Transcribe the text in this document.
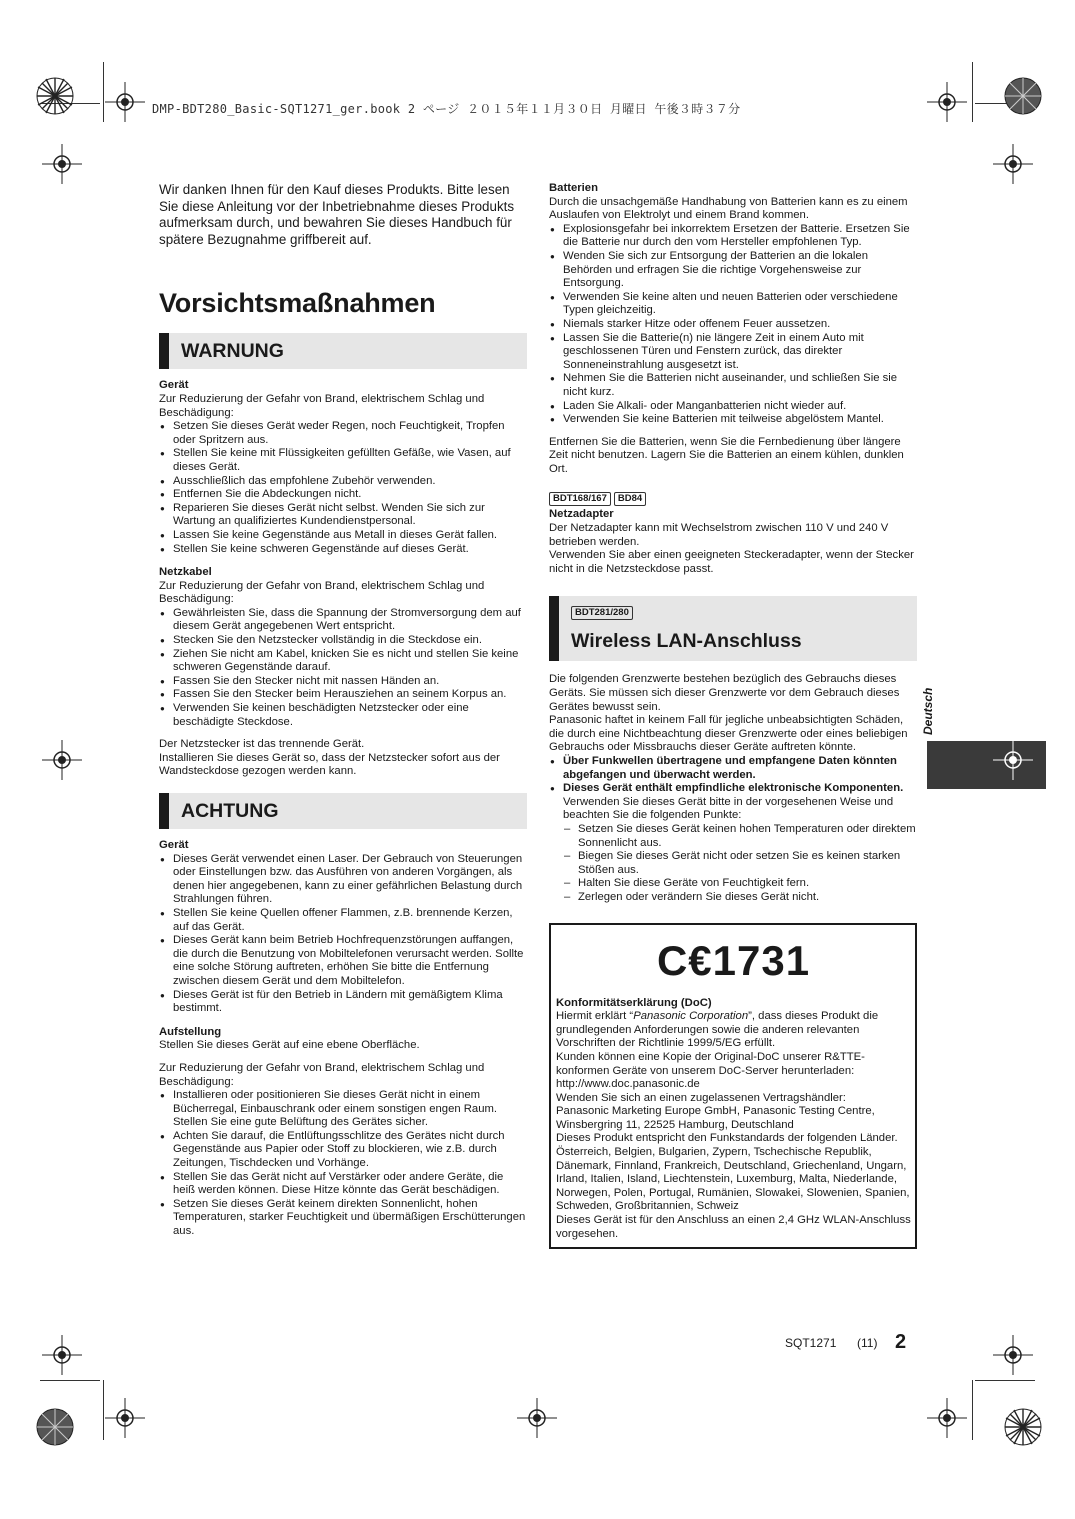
DMP-BDT280_Basic-SQT1271_ger.book 2 ページ ２０１５年１１月３０日 月曜日 午後３時３７分

Wir danken Ihnen für den Kauf dieses Produkts. Bitte lesen Sie diese Anleitung vor der Inbetriebnahme dieses Produkts aufmerksam durch, und bewahren Sie dieses Handbuch für spätere Bezugnahme griffbereit auf.

Vorsichtsmaßnahmen
WARNUNG
Gerät

Zur Reduzierung der Gefahr von Brand, elektrischem Schlag und Beschädigung:

● Setzen Sie dieses Gerät weder Regen, noch Feuchtigkeit, Tropfen oder Spritzern aus.
● Stellen Sie keine mit Flüssigkeiten gefüllten Gefäße, wie Vasen, auf dieses Gerät.
● Ausschließlich das empfohlene Zubehör verwenden.
● Entfernen Sie die Abdeckungen nicht.
● Reparieren Sie dieses Gerät nicht selbst. Wenden Sie sich zur Wartung an qualifiziertes Kundendienstpersonal.
● Lassen Sie keine Gegenstände aus Metall in dieses Gerät fallen.
● Stellen Sie keine schweren Gegenstände auf dieses Gerät.
Netzkabel

Zur Reduzierung der Gefahr von Brand, elektrischem Schlag und Beschädigung:

● Gewährleisten Sie, dass die Spannung der Stromversorgung dem auf diesem Gerät angegebenen Wert entspricht.
● Stecken Sie den Netzstecker vollständig in die Steckdose ein.
● Ziehen Sie nicht am Kabel, knicken Sie es nicht und stellen Sie keine schweren Gegenstände darauf.
● Fassen Sie den Stecker nicht mit nassen Händen an.
● Fassen Sie den Stecker beim Herausziehen an seinem Korpus an.
● Verwenden Sie keinen beschädigten Netzstecker oder eine beschädigte Steckdose.

Der Netzstecker ist das trennende Gerät.

Installieren Sie dieses Gerät so, dass der Netzstecker sofort aus der Wandsteckdose gezogen werden kann.

ACHTUNG
Gerät
● Dieses Gerät verwendet einen Laser. Der Gebrauch von Steuerungen oder Einstellungen bzw. das Ausführen von anderen Vorgängen, als denen hier angegebenen, kann zu einer gefährlichen Belastung durch Strahlungen führen.
● Stellen Sie keine Quellen offener Flammen, z.B. brennende Kerzen, auf das Gerät.
● Dieses Gerät kann beim Betrieb Hochfrequenzstörungen auffangen, die durch die Benutzung von Mobiltelefonen verursacht werden. Sollte eine solche Störung auftreten, erhöhen Sie bitte die Entfernung zwischen diesem Gerät und dem Mobiltelefon.
● Dieses Gerät ist für den Betrieb in Ländern mit gemäßigtem Klima bestimmt.
Aufstellung

Stellen Sie dieses Gerät auf eine ebene Oberfläche.

Zur Reduzierung der Gefahr von Brand, elektrischem Schlag und Beschädigung:

● Installieren oder positionieren Sie dieses Gerät nicht in einem Bücherregal, Einbauschrank oder einem sonstigen engen Raum. Stellen Sie eine gute Belüftung des Gerätes sicher.
● Achten Sie darauf, die Entlüftungsschlitze des Gerätes nicht durch Gegenstände aus Papier oder Stoff zu blockieren, wie z.B. durch Zeitungen, Tischdecken und Vorhänge.
● Stellen Sie das Gerät nicht auf Verstärker oder andere Geräte, die heiß werden können. Diese Hitze könnte das Gerät beschädigen.
● Setzen Sie dieses Gerät keinem direkten Sonnenlicht, hohen Temperaturen, starker Feuchtigkeit und übermäßigen Erschütterungen aus.
Batterien

Durch die unsachgemäße Handhabung von Batterien kann es zu einem Auslaufen von Elektrolyt und einem Brand kommen.

● Explosionsgefahr bei inkorrektem Ersetzen der Batterie. Ersetzen Sie die Batterie nur durch den vom Hersteller empfohlenen Typ.
● Wenden Sie sich zur Entsorgung der Batterien an die lokalen Behörden und erfragen Sie die richtige Vorgehensweise zur Entsorgung.
● Verwenden Sie keine alten und neuen Batterien oder verschiedene Typen gleichzeitig.
● Niemals starker Hitze oder offenem Feuer aussetzen.
● Lassen Sie die Batterie(n) nie längere Zeit in einem Auto mit geschlossenen Türen und Fenstern zurück, das direkter Sonneneinstrahlung ausgesetzt ist.
● Nehmen Sie die Batterien nicht auseinander, und schließen Sie sie nicht kurz.
● Laden Sie Alkali- oder Manganbatterien nicht wieder auf.
● Verwenden Sie keine Batterien mit teilweise abgelöstem Mantel.

Entfernen Sie die Batterien, wenn Sie die Fernbedienung über längere Zeit nicht benutzen. Lagern Sie die Batterien an einem kühlen, dunklen Ort.

BDT168/167 BD84
Netzadapter

Der Netzadapter kann mit Wechselstrom zwischen 110 V und 240 V betrieben werden.

Verwenden Sie aber einen geeigneten Steckeradapter, wenn der Stecker nicht in die Netzsteckdose passt.

BDT281/280
Wireless LAN-Anschluss

Die folgenden Grenzwerte bestehen bezüglich des Gebrauchs dieses Geräts. Sie müssen sich dieser Grenzwerte vor dem Gebrauch dieses Gerätes bewusst sein.

Panasonic haftet in keinem Fall für jegliche unbeabsichtigten Schäden, die durch eine Nichtbeachtung dieser Grenzwerte oder eines beliebigen Gebrauchs oder Missbrauchs dieser Geräte auftreten könnte.

● Über Funkwellen übertragene und empfangene Daten könnten abgefangen und überwacht werden.
● Dieses Gerät enthält empfindliche elektronische Komponenten.

Verwenden Sie dieses Gerät bitte in der vorgesehenen Weise und beachten Sie die folgenden Punkte:

– Setzen Sie dieses Gerät keinen hohen Temperaturen oder direktem Sonnenlicht aus.
– Biegen Sie dieses Gerät nicht oder setzen Sie es keinen starken Stößen aus.
– Halten Sie diese Geräte von Feuchtigkeit fern.
– Zerlegen oder verändern Sie dieses Gerät nicht.
C€1731
Konformitätserklärung (DoC)

Hiermit erklärt “Panasonic Corporation”, dass dieses Produkt die grundlegenden Anforderungen sowie die anderen relevanten Vorschriften der Richtlinie 1999/5/EG erfüllt.

Kunden können eine Kopie der Original-DoC unserer R&TTE-konformen Geräte von unserem DoC-Server herunterladen:

http://www.doc.panasonic.de

Wenden Sie sich an einen zugelassenen Vertragshändler:

Panasonic Marketing Europe GmbH, Panasonic Testing Centre, Winsbergring 11, 22525 Hamburg, Deutschland

Dieses Produkt entspricht den Funkstandards der folgenden Länder.

Österreich, Belgien, Bulgarien, Zypern, Tschechische Republik, Dänemark, Finnland, Frankreich, Deutschland, Griechenland, Ungarn, Irland, Italien, Island, Liechtenstein, Luxemburg, Malta, Niederlande, Norwegen, Polen, Portugal, Rumänien, Slowakei, Slowenien, Spanien, Schweden, Großbritannien, Schweiz

Dieses Gerät ist für den Anschluss an einen 2,4 GHz WLAN-Anschluss vorgesehen.

Deutsch
SQT1271 (11) 2
